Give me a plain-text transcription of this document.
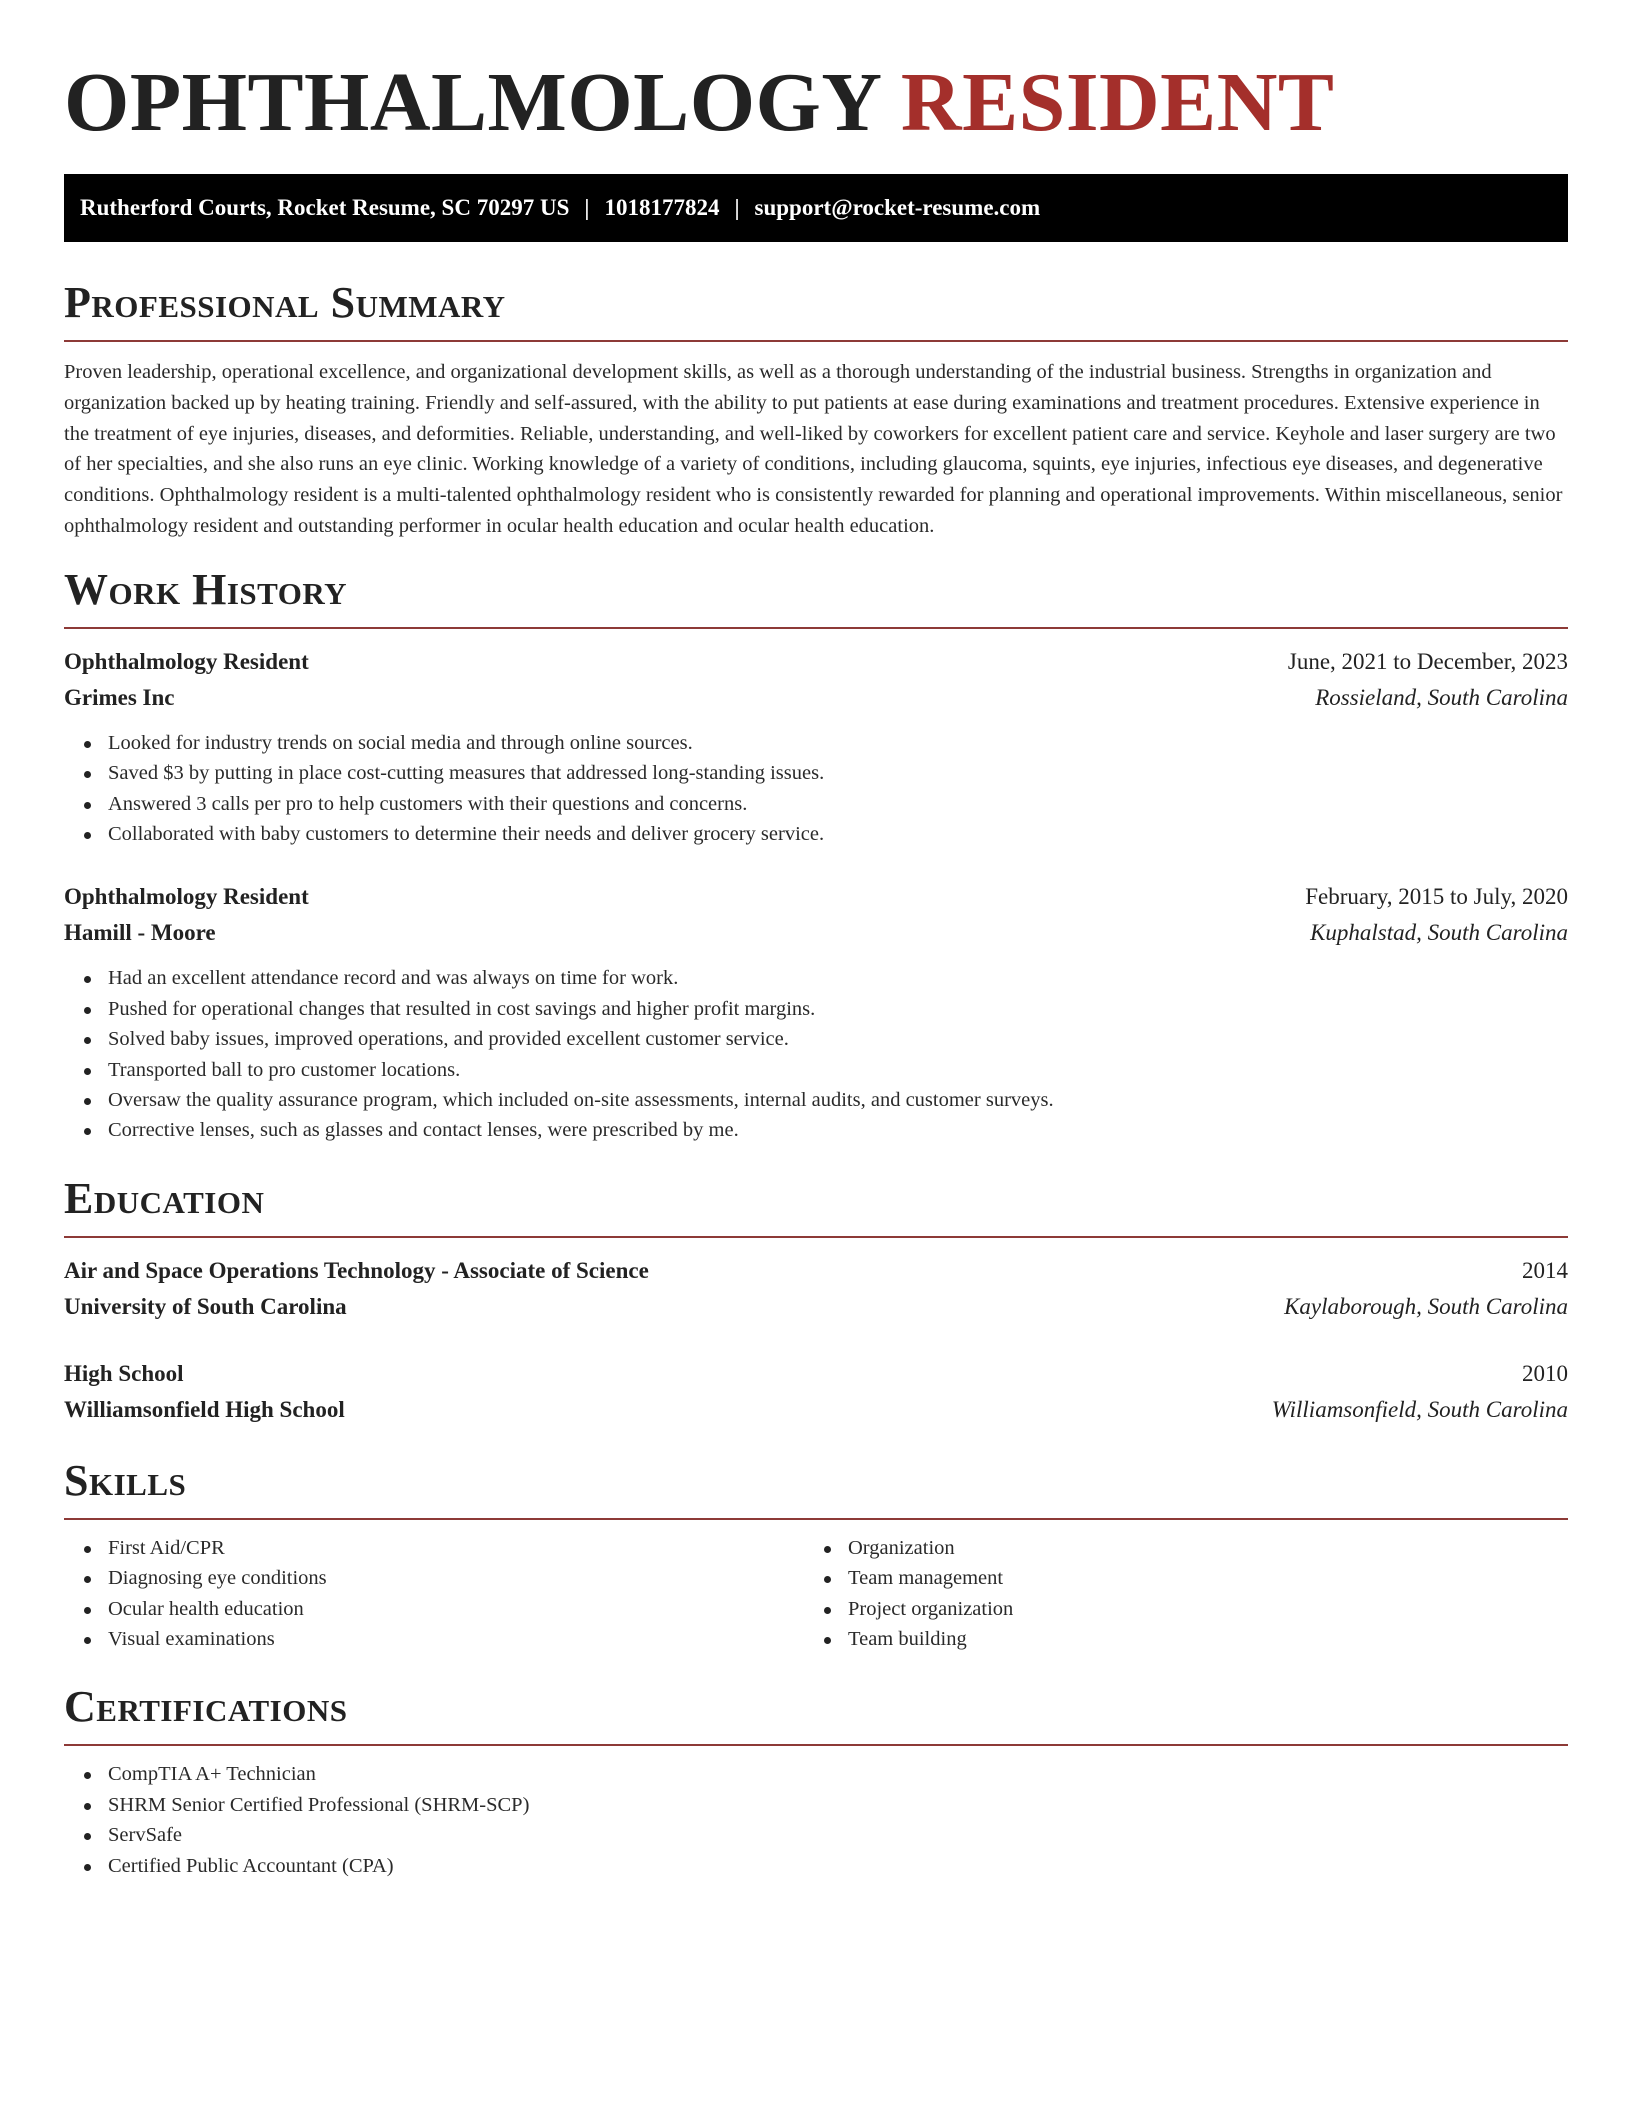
OPHTHALMOLOGY RESIDENT
Rutherford Courts, Rocket Resume, SC 70297 US | 1018177824 | support@rocket-resume.com
Professional Summary

Proven leadership, operational excellence, and organizational development skills, as well as a thorough understanding of the industrial business. Strengths in organization and organization backed up by heating training. Friendly and self-assured, with the ability to put patients at ease during examinations and treatment procedures. Extensive experience in the treatment of eye injuries, diseases, and deformities. Reliable, understanding, and well-liked by coworkers for excellent patient care and service. Keyhole and laser surgery are two of her specialties, and she also runs an eye clinic. Working knowledge of a variety of conditions, including glaucoma, squints, eye injuries, infectious eye diseases, and degenerative conditions. Ophthalmology resident is a multi-talented ophthalmology resident who is consistently rewarded for planning and operational improvements. Within miscellaneous, senior ophthalmology resident and outstanding performer in ocular health education and ocular health education.

Work History
Ophthalmology Resident	June, 2021 to December, 2023
Grimes Inc	Rossieland, South Carolina
Looked for industry trends on social media and through online sources.
Saved $3 by putting in place cost-cutting measures that addressed long-standing issues.
Answered 3 calls per pro to help customers with their questions and concerns.
Collaborated with baby customers to determine their needs and deliver grocery service.
Ophthalmology Resident	February, 2015 to July, 2020
Hamill - Moore	Kuphalstad, South Carolina
Had an excellent attendance record and was always on time for work.
Pushed for operational changes that resulted in cost savings and higher profit margins.
Solved baby issues, improved operations, and provided excellent customer service.
Transported ball to pro customer locations.
Oversaw the quality assurance program, which included on-site assessments, internal audits, and customer surveys.
Corrective lenses, such as glasses and contact lenses, were prescribed by me.
Education
Air and Space Operations Technology - Associate of Science	2014
University of South Carolina	Kaylaborough, South Carolina
High School	2010
Williamsonfield High School	Williamsonfield, South Carolina
Skills
First Aid/CPR
Diagnosing eye conditions
Ocular health education
Visual examinations
Organization
Team management
Project organization
Team building
Certifications
CompTIA A+ Technician
SHRM Senior Certified Professional (SHRM-SCP)
ServSafe
Certified Public Accountant (CPA)
